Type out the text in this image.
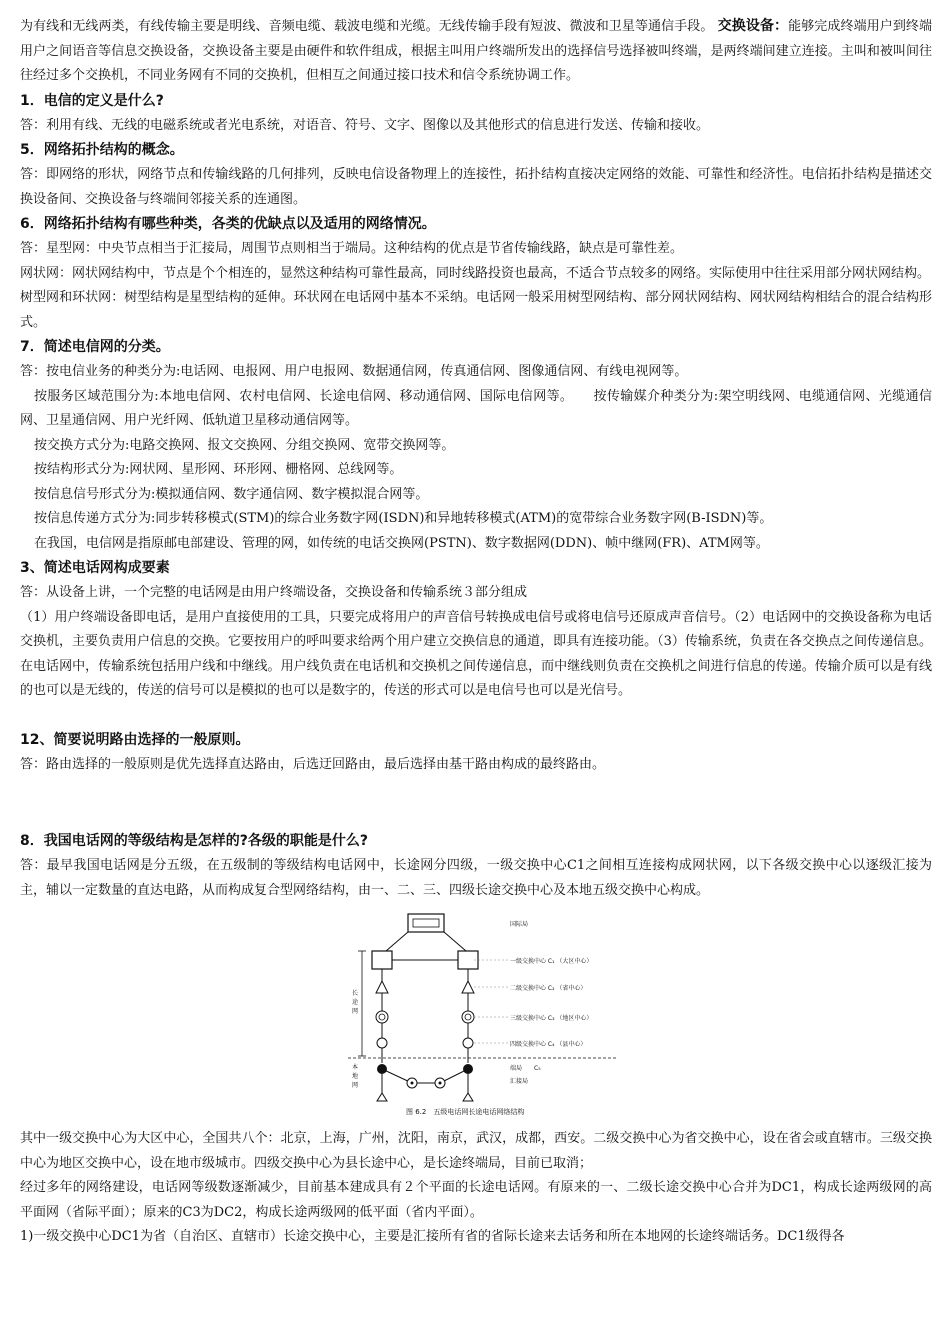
为有线和无线两类，有线传输主要是明线、音频电缆、载波电缆和光缆。无线传输手段有短波、微波和卫星等通信手段。 交换设备：能够完成终端用户到终端用户之间语音等信息交换设备，交换设备主要是由硬件和软件组成，根据主叫用户终端所发出的选择信号选择被叫终端，是两终端间建立连接。主叫和被叫间往往经过多个交换机，不同业务网有不同的交换机，但相互之间通过接口技术和信令系统协调工作。

1．电信的定义是什么?

答：利用有线、无线的电磁系统或者光电系统，对语音、符号、文字、图像以及其他形式的信息进行发送、传输和接收。

5．网络拓扑结构的概念。

答：即网络的形状，网络节点和传输线路的几何排列，反映电信设备物理上的连接性，拓扑结构直接决定网络的效能、可靠性和经济性。电信拓扑结构是描述交换设备间、交换设备与终端间邻接关系的连通图。

6．网络拓扑结构有哪些种类，各类的优缺点以及适用的网络情况。

答：星型网：中央节点相当于汇接局，周围节点则相当于端局。这种结构的优点是节省传输线路，缺点是可靠性差。

网状网：网状网结构中，节点是个个相连的，显然这种结构可靠性最高，同时线路投资也最高，不适合节点较多的网络。实际使用中往往采用部分网状网结构。

树型网和环状网：树型结构是星型结构的延伸。环状网在电话网中基本不采纳。电话网一般采用树型网结构、部分网状网结构、网状网结构相结合的混合结构形式。

7．简述电信网的分类。

答：按电信业务的种类分为:电话网、电报网、用户电报网、数据通信网，传真通信网、图像通信网、有线电视网等。

按服务区域范围分为:本地电信网、农村电信网、长途电信网、移动通信网、国际电信网等。　　按传输媒介种类分为:架空明线网、电缆通信网、光缆通信网、卫星通信网、用户光纤网、低轨道卫星移动通信网等。

按交换方式分为:电路交换网、报文交换网、分组交换网、宽带交换网等。

按结构形式分为:网状网、星形网、环形网、栅格网、总线网等。

按信息信号形式分为:模拟通信网、数字通信网、数字模拟混合网等。

按信息传递方式分为:同步转移模式(STM)的综合业务数字网(ISDN)和异地转移模式(ATM)的宽带综合业务数字网(B-ISDN)等。

在我国，电信网是指原邮电部建设、管理的网，如传统的电话交换网(PSTN)、数字数据网(DDN)、帧中继网(FR)、ATM网等。

3、简述电话网构成要素

答：从设备上讲，一个完整的电话网是由用户终端设备，交换设备和传输系统３部分组成

（1）用户终端设备即电话，是用户直接使用的工具，只要完成将用户的声音信号转换成电信号或将电信号还原成声音信号。（2）电话网中的交换设备称为电话交换机，主要负责用户信息的交换。它要按用户的呼叫要求给两个用户建立交换信息的通道，即具有连接功能。（3）传输系统，负责在各交换点之间传递信息。在电话网中，传输系统包括用户线和中继线。用户线负责在电话机和交换机之间传递信息，而中继线则负责在交换机之间进行信息的传递。传输介质可以是有线的也可以是无线的，传送的信号可以是模拟的也可以是数字的，传送的形式可以是电信号也可以是光信号。

12、简要说明路由选择的一般原则。

答：路由选择的一般原则是优先选择直达路由，后选迂回路由，最后选择由基干路由构成的最终路由。

8．我国电话网的等级结构是怎样的?各级的职能是什么?

答：最早我国电话网是分五级，在五级制的等级结构电话网中，长途网分四级，一级交换中心C1之间相互连接构成网状网，以下各级交换中心以逐级汇接为主，辅以一定数量的直达电路，从而构成复合型网络结构，由一、二、三、四级长途交换中心及本地五级交换中心构成。

长
途
网
本
地
网
国际局
一级交换中心 C₁ （大区中心）
二级交换中心 C₂ （省中心）
三级交换中心 C₃ （地区中心）
四级交换中心 C₄ （县中心）
端局　　C₅
汇接局
图 6.2　五级电话网长途电话网络结构

其中一级交换中心为大区中心，全国共八个：北京，上海，广州，沈阳，南京，武汉，成都，西安。二级交换中心为省交换中心，设在省会或直辖市。三级交换中心为地区交换中心，设在地市级城市。四级交换中心为县长途中心，是长途终端局，目前已取消；

经过多年的网络建设，电话网等级数逐渐减少，目前基本建成具有２个平面的长途电话网。有原来的一、二级长途交换中心合并为DC1，构成长途两级网的高平面网（省际平面）；原来的C3为DC2，构成长途两级网的低平面（省内平面）。

1)一级交换中心DC1为省（自治区、直辖市）长途交换中心，主要是汇接所有省的省际长途来去话务和所在本地网的长途终端话务。DC1级得各
